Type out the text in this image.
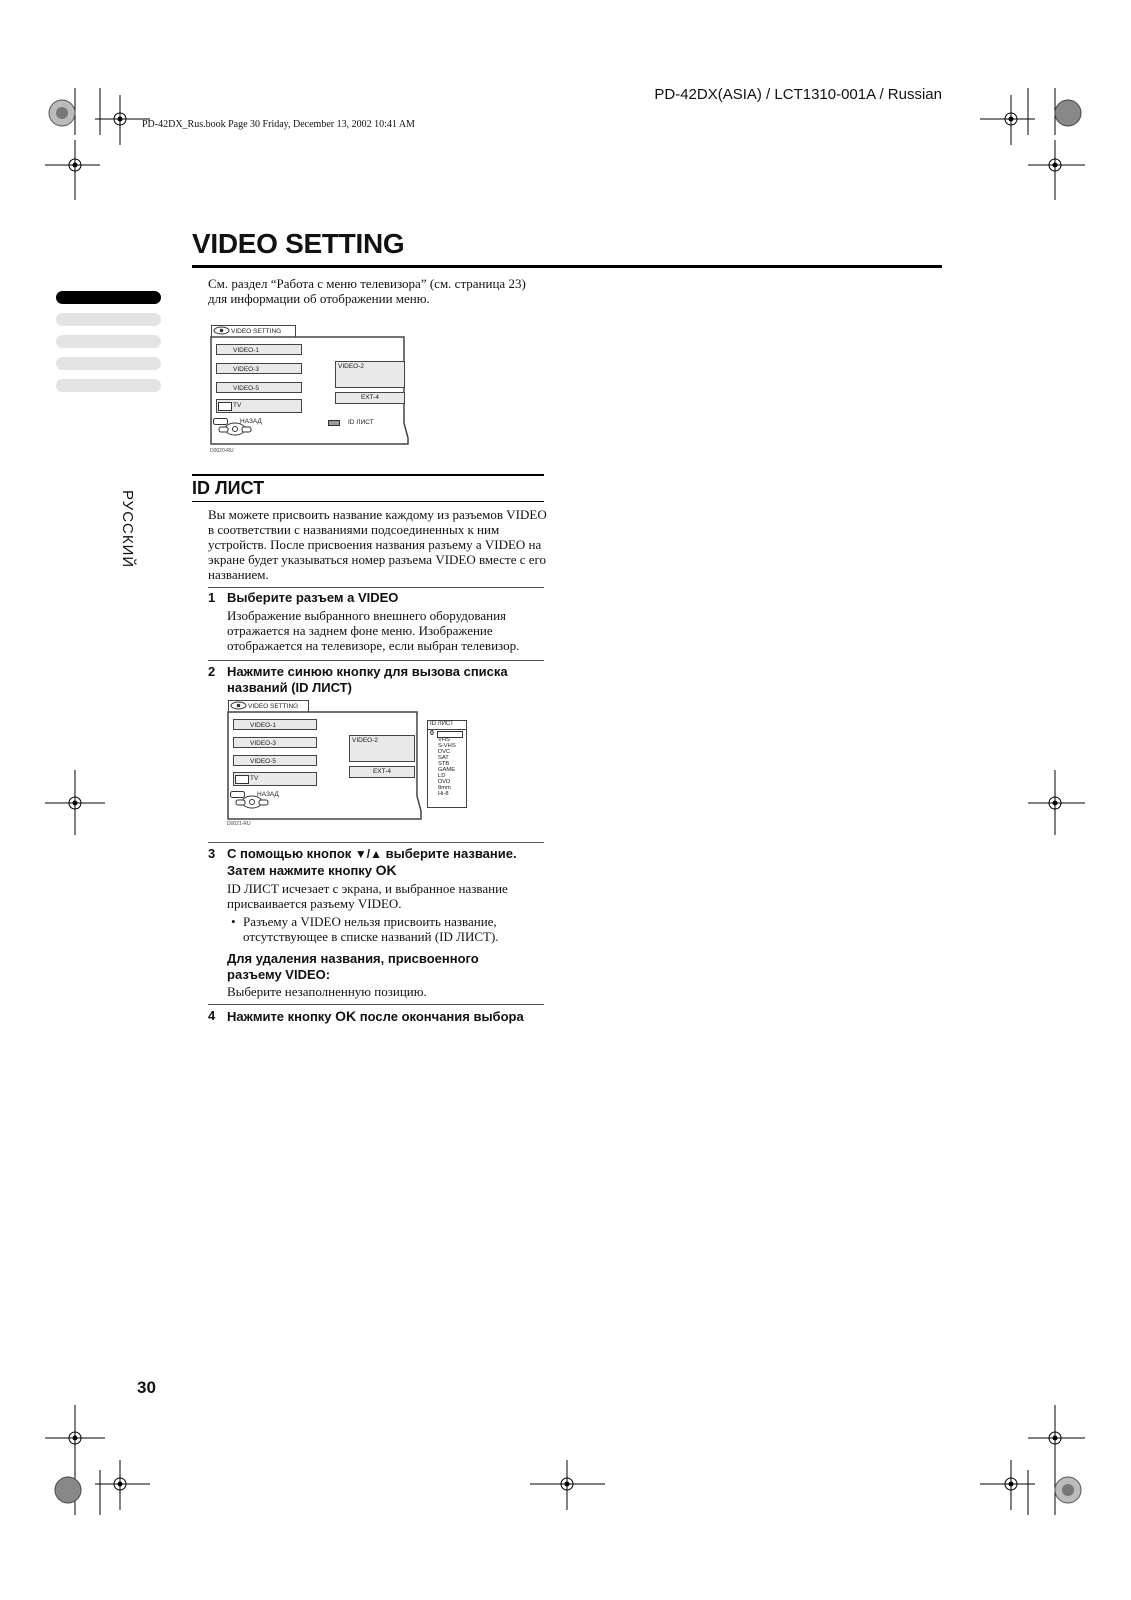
PD-42DX(ASIA) / LCT1310-001A / Russian
PD-42DX_Rus.book Page 30 Friday, December 13, 2002 10:41 AM
VIDEO SETTING
РУССКИЙ
См. раздел “Работа с меню телевизора” (см. страница 23) для информации об отображении меню.
VIDEO SETTING
VIDEO-1
VIDEO-3
VIDEO-5
TV
VIDEO-2
EXT-4
НАЗАД	ID ЛИСТ
D0020-RU
ID ЛИСТ
Вы можете присвоить название каждому из разъемов VIDEO в соответствии с названиями подсоединенных к ним устройств. После присвоения названия разъему а VIDEO на экране будет указываться номер разъема VIDEO вместе с его названием.
1 Выберите разъем а VIDEO
Изображение выбранного внешнего оборудования отражается на заднем фоне меню. Изображение отображается на телевизоре, если выбран телевизор.
2 Нажмите синюю кнопку для вызова списка названий (ID ЛИСТ)
VIDEO SETTING
VIDEO-1
VIDEO-3
VIDEO-5
TV
VIDEO-2
EXT-4
НАЗАД
ID ЛИСТ
0
VHS
S-VHS
DVC
SAT
STB
GAME
LD
DVD
8mm
Hi-8
D0021-RU
3 С помощью кнопок ▼/▲ выберите название.
Затем нажмите кнопку OK
ID ЛИСТ исчезает с экрана, и выбранное название присваивается разъему VIDEO.
• Разъему а VIDEO нельзя присвоить название, отсутствующее в списке названий (ID ЛИСТ).
Для удаления названия, присвоенного разъему VIDEO:
Выберите незаполненную позицию.
4 Нажмите кнопку OK после окончания выбора
30
